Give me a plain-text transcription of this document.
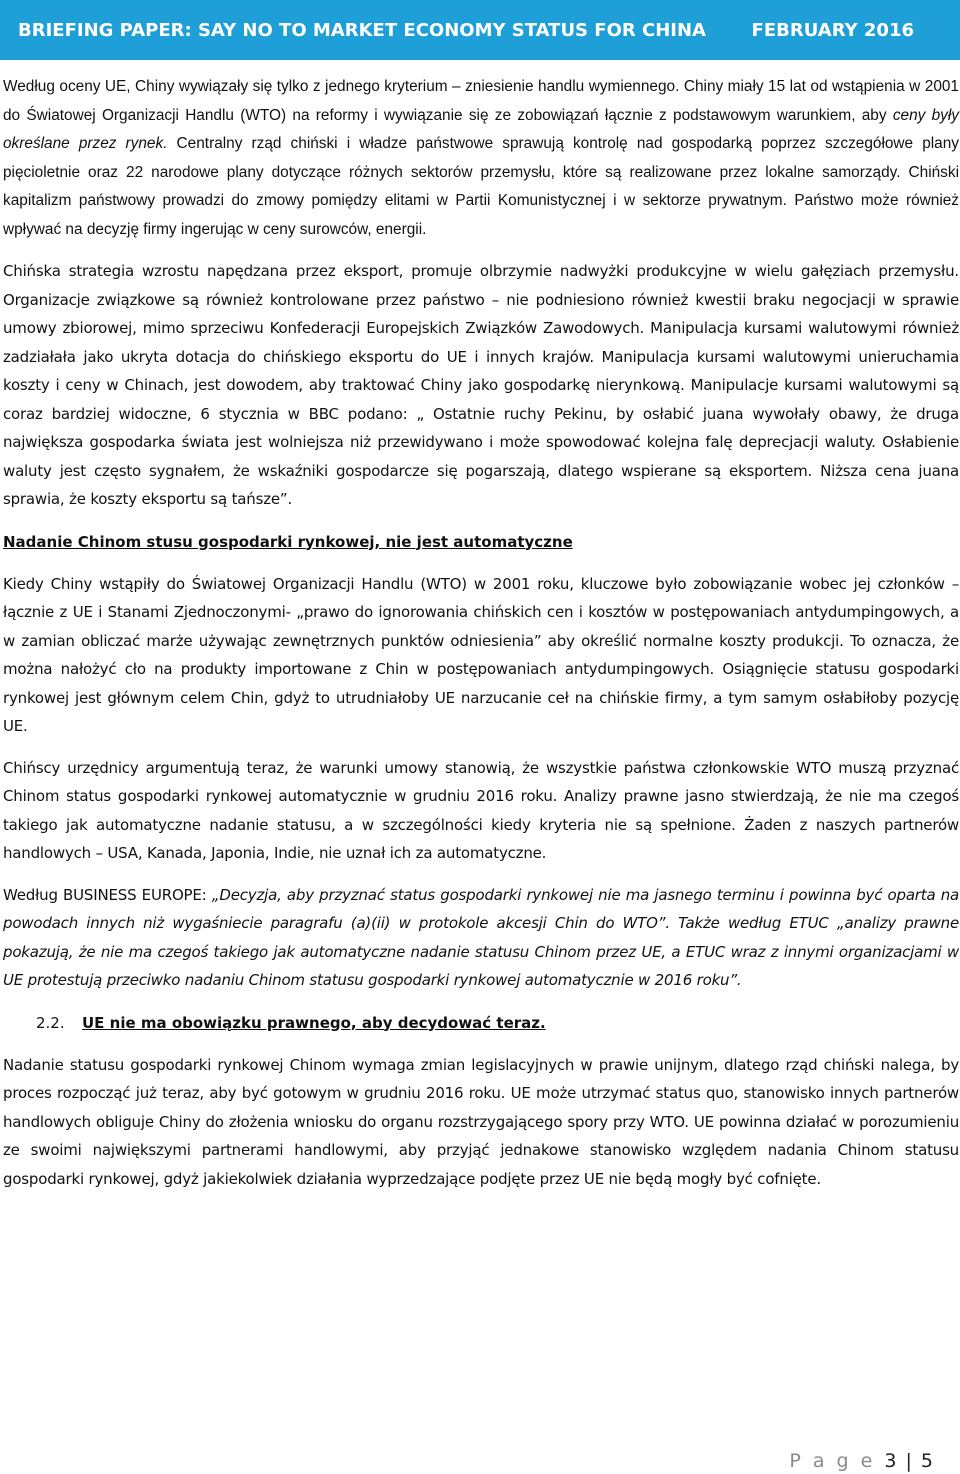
BRIEFING PAPER: SAY NO TO MARKET ECONOMY STATUS FOR CHINA	FEBRUARY 2016

Według oceny UE, Chiny wywiązały się tylko z jednego kryterium – zniesienie handlu wymiennego. Chiny miały 15 lat od wstąpienia w 2001 do Światowej Organizacji Handlu (WTO) na reformy i wywiązanie się ze zobowiązań łącznie z podstawowym warunkiem, aby ceny były określane przez rynek. Centralny rząd chiński i władze państwowe sprawują kontrolę nad gospodarką poprzez szczegółowe plany pięcioletnie oraz 22 narodowe plany dotyczące różnych sektorów przemysłu, które są realizowane przez lokalne samorządy. Chiński kapitalizm państwowy prowadzi do zmowy pomiędzy elitami w Partii Komunistycznej i w sektorze prywatnym. Państwo może również wpływać na decyzję firmy ingerując w ceny surowców, energii.

Chińska strategia wzrostu napędzana przez eksport, promuje olbrzymie nadwyżki produkcyjne w wielu gałęziach przemysłu. Organizacje związkowe są również kontrolowane przez państwo – nie podniesiono również kwestii braku negocjacji w sprawie umowy zbiorowej, mimo sprzeciwu Konfederacji Europejskich Związków Zawodowych. Manipulacja kursami walutowymi również zadziałała jako ukryta dotacja do chińskiego eksportu do UE i innych krajów. Manipulacja kursami walutowymi unieruchamia koszty i ceny w Chinach, jest dowodem, aby traktować Chiny jako gospodarkę nierynkową. Manipulacje kursami walutowymi są coraz bardziej widoczne, 6 stycznia w BBC podano: „ Ostatnie ruchy Pekinu, by osłabić juana wywołały obawy, że druga największa gospodarka świata jest wolniejsza niż przewidywano i może spowodować kolejna falę deprecjacji waluty. Osłabienie waluty jest często sygnałem, że wskaźniki gospodarcze się pogarszają, dlatego wspierane są eksportem. Niższa cena juana sprawia, że koszty eksportu są tańsze”.

Nadanie Chinom stusu gospodarki rynkowej, nie jest automatyczne

Kiedy Chiny wstąpiły do Światowej Organizacji Handlu (WTO) w 2001 roku, kluczowe było zobowiązanie wobec jej członków – łącznie z UE i Stanami Zjednoczonymi- „prawo do ignorowania chińskich cen i kosztów w postępowaniach antydumpingowych, a w zamian obliczać marże używając zewnętrznych punktów odniesienia” aby określić normalne koszty produkcji. To oznacza, że można nałożyć cło na produkty importowane z Chin w postępowaniach antydumpingowych. Osiągnięcie statusu gospodarki rynkowej jest głównym celem Chin, gdyż to utrudniałoby UE narzucanie ceł na chińskie firmy, a tym samym osłabiłoby pozycję UE.

Chińscy urzędnicy argumentują teraz, że warunki umowy stanowią, że wszystkie państwa członkowskie WTO muszą przyznać Chinom status gospodarki rynkowej automatycznie w grudniu 2016 roku. Analizy prawne jasno stwierdzają, że nie ma czegoś takiego jak automatyczne nadanie statusu, a w szczególności kiedy kryteria nie są spełnione. Żaden z naszych partnerów handlowych – USA, Kanada, Japonia, Indie, nie uznał ich za automatyczne.

Według BUSINESS EUROPE: „Decyzja, aby przyznać status gospodarki rynkowej nie ma jasnego terminu i powinna być oparta na powodach innych niż wygaśniecie paragrafu (a)(ii) w protokole akcesji Chin do WTO”. Także według ETUC „analizy prawne pokazują, że nie ma czegoś takiego jak automatyczne nadanie statusu Chinom przez UE, a ETUC wraz z innymi organizacjami w UE protestują przeciwko nadaniu Chinom statusu gospodarki rynkowej automatycznie w 2016 roku”.

2.2. UE nie ma obowiązku prawnego, aby decydować teraz.

Nadanie statusu gospodarki rynkowej Chinom wymaga zmian legislacyjnych w prawie unijnym, dlatego rząd chiński nalega, by proces rozpocząć już teraz, aby być gotowym w grudniu 2016 roku. UE może utrzymać status quo, stanowisko innych partnerów handlowych obliguje Chiny do złożenia wniosku do organu rozstrzygającego spory przy WTO. UE powinna działać w porozumieniu ze swoimi największymi partnerami handlowymi, aby przyjąć jednakowe stanowisko względem nadania Chinom statusu gospodarki rynkowej, gdyż jakiekolwiek działania wyprzedzające podjęte przez UE nie będą mogły być cofnięte.

P a g e 3 | 5
